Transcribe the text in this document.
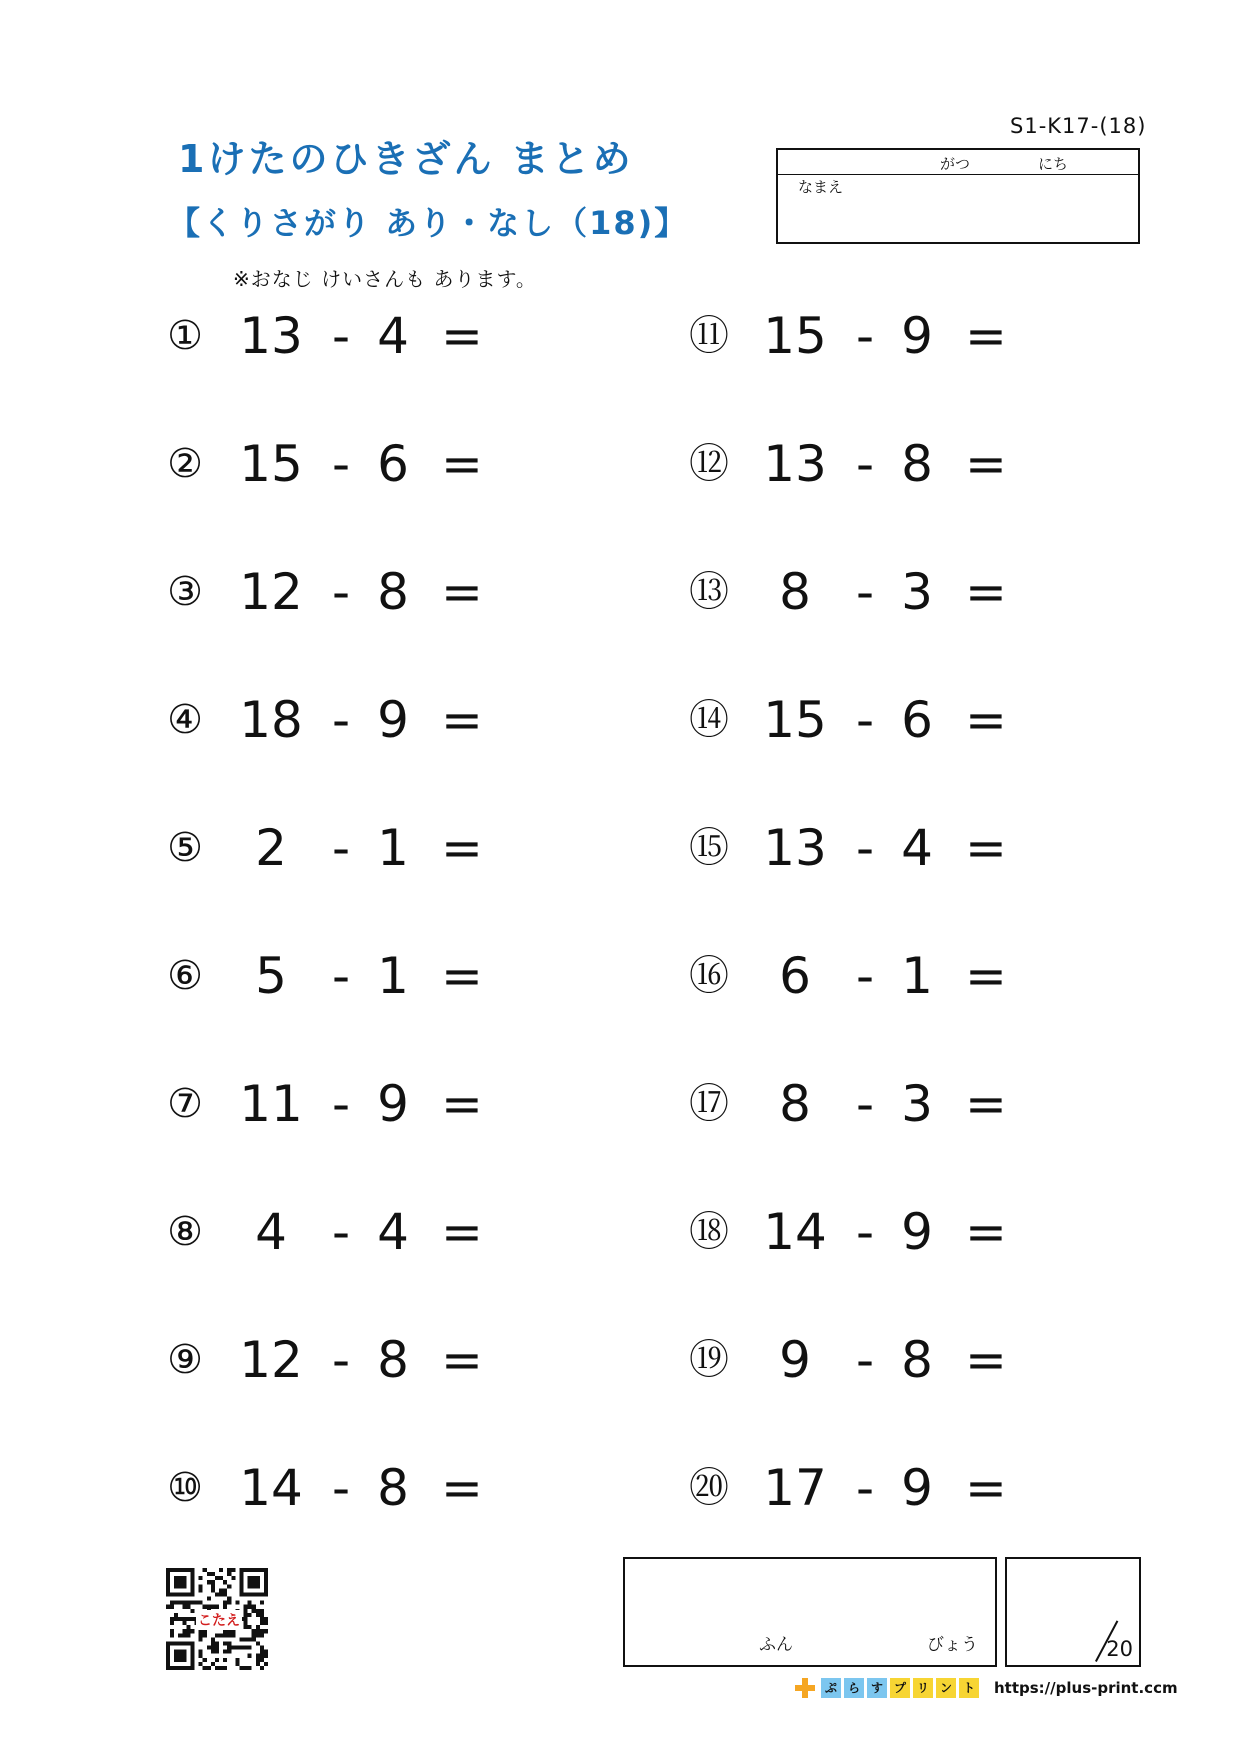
S1-K17-(18)
1けたのひきざん まとめ
【くりさがり あり・なし（18)】
※おなじ けいさんも あります。
がつ	にち
なまえ
① 13 - 4 =
② 15 - 6 =
③ 12 - 8 =
④ 18 - 9 =
⑤	2 - 1 =
⑥	5 - 1 =
⑦ 11 - 9 =
⑧	4 - 4 =
⑨ 12 - 8 =
⑩ 14 - 8 =
⑪ 15 - 9 =
⑫ 13 - 8 =
⑬	8 - 3 =
⑭ 15 - 6 =
⑮ 13 - 4 =
⑯	6 - 1 =
⑰	8 - 3 =
⑱ 14 - 9 =
⑲	9 - 8 =
⑳ 17 - 9 =
こたえ
ふん	びょう	20
ぷ ら す プ リ ン ト https://plus-print.ccm
